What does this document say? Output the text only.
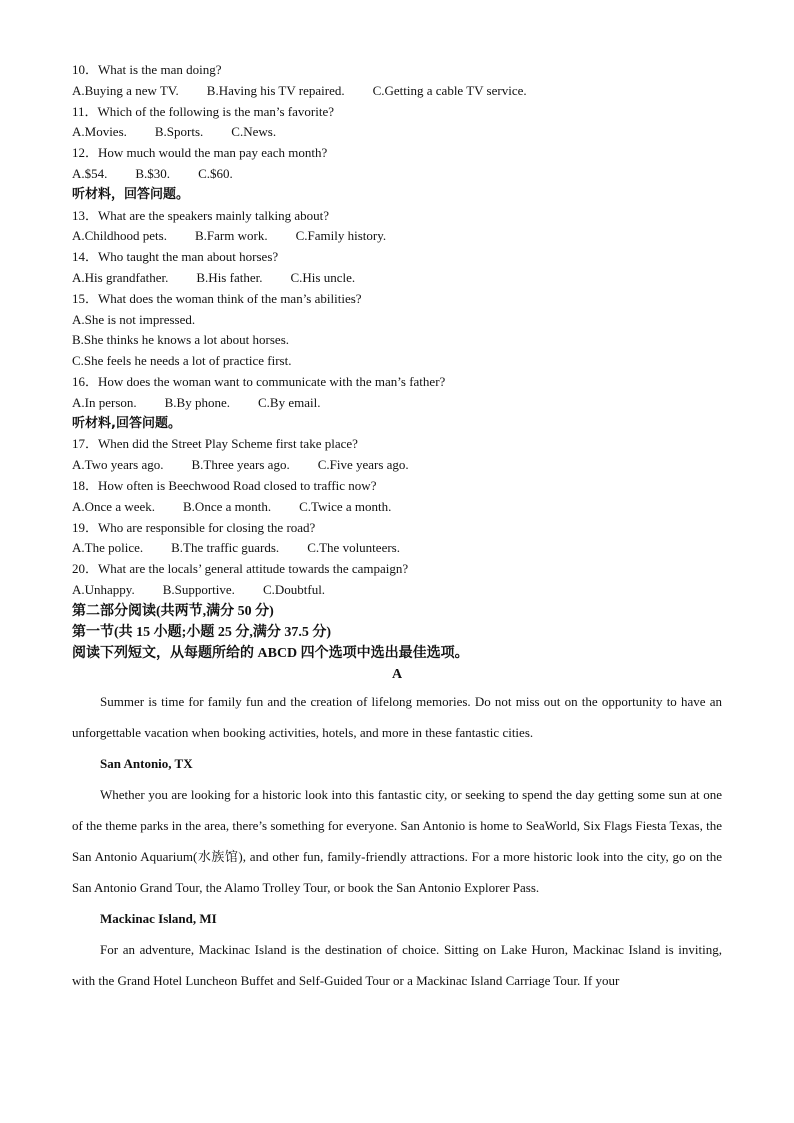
10．What is the man doing?

A.Buying a new TV. B.Having his TV repaired. C.Getting a cable TV service.

11．Which of the following is the man’s favorite?

A.Movies. B.Sports. C.News.

12．How much would the man pay each month?

A.$54. B.$30. C.$60.

听材料，回答问题。

13．What are the speakers mainly talking about?

A.Childhood pets. B.Farm work. C.Family history.

14．Who taught the man about horses?

A.His grandfather. B.His father. C.His uncle.

15．What does the woman think of the man’s abilities?

A.She is not impressed.

B.She thinks he knows a lot about horses.

C.She feels he needs a lot of practice first.

16．How does the woman want to communicate with the man’s father?

A.In person. B.By phone. C.By email.

听材料,回答问题。

17．When did the Street Play Scheme first take place?

A.Two years ago. B.Three years ago. C.Five years ago.

18．How often is Beechwood Road closed to traffic now?

A.Once a week. B.Once a month. C.Twice a month.

19．Who are responsible for closing the road?

A.The police. B.The traffic guards. C.The volunteers.

20．What are the locals’ general attitude towards the campaign?

A.Unhappy. B.Supportive. C.Doubtful.

第二部分阅读(共两节,满分 50 分)

第一节(共 15 小题;小题 25 分,满分 37.5 分)

阅读下列短文，从每题所给的 ABCD 四个选项中选出最佳选项。

A

Summer is time for family fun and the creation of lifelong memories. Do not miss out on the opportunity to have an unforgettable vacation when booking activities, hotels, and more in these fantastic cities.

San Antonio, TX

Whether you are looking for a historic look into this fantastic city, or seeking to spend the day getting some sun at one of the theme parks in the area, there’s something for everyone. San Antonio is home to SeaWorld, Six Flags Fiesta Texas, the San Antonio Aquarium(水族馆), and other fun, family-friendly attractions. For a more historic look into the city, go on the San Antonio Grand Tour, the Alamo Trolley Tour, or book the San Antonio Explorer Pass.

Mackinac Island, MI

For an adventure, Mackinac Island is the destination of choice. Sitting on Lake Huron, Mackinac Island is inviting, with the Grand Hotel Luncheon Buffet and Self-Guided Tour or a Mackinac Island Carriage Tour. If your
